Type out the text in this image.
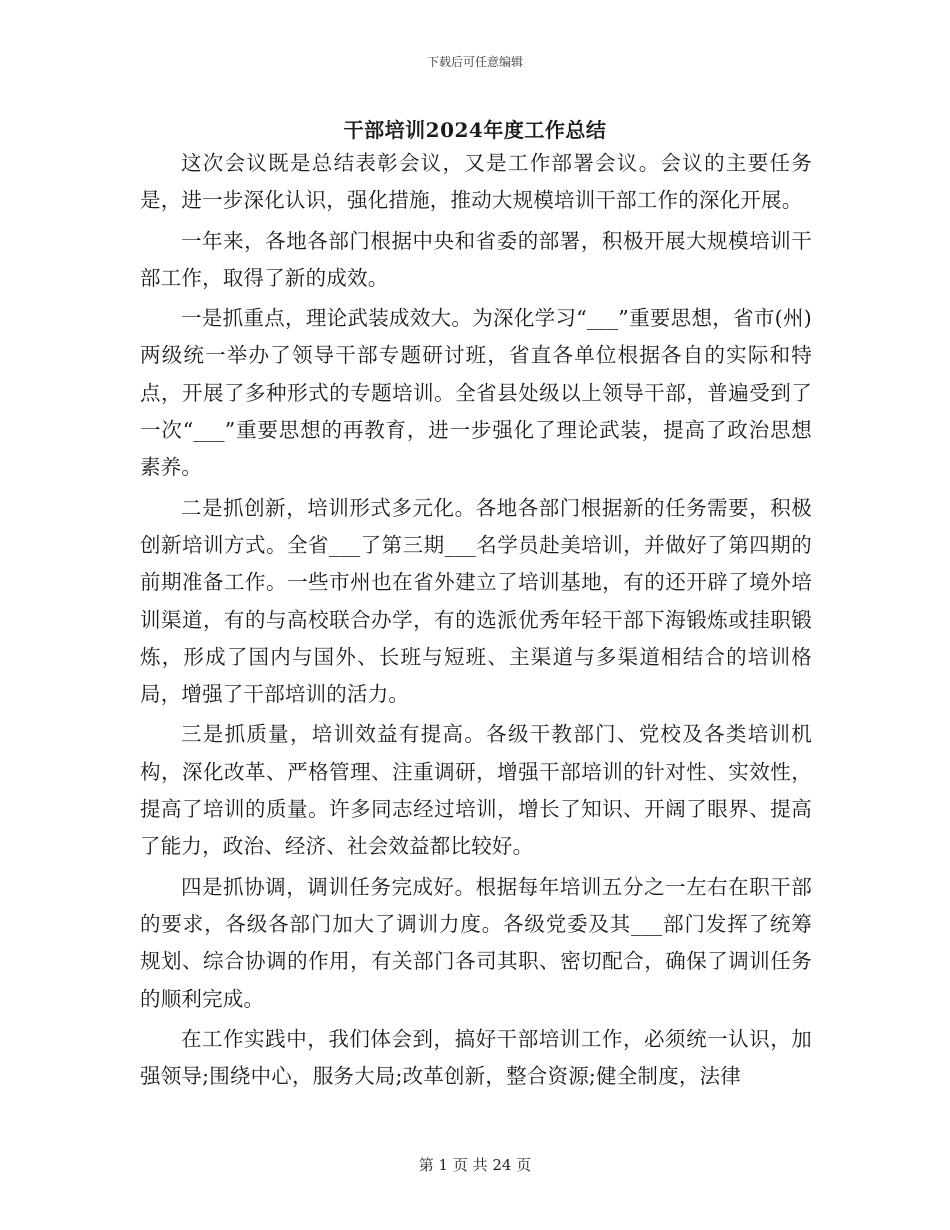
下载后可任意编辑
干部培训2024年度工作总结

这次会议既是总结表彰会议，又是工作部署会议。会议的主要任务是，进一步深化认识，强化措施，推动大规模培训干部工作的深化开展。

一年来，各地各部门根据中央和省委的部署，积极开展大规模培训干部工作，取得了新的成效。

一是抓重点，理论武装成效大。为深化学习“___”重要思想，省市(州)两级统一举办了领导干部专题研讨班，省直各单位根据各自的实际和特点，开展了多种形式的专题培训。全省县处级以上领导干部，普遍受到了一次“___”重要思想的再教育，进一步强化了理论武装，提高了政治思想素养。

二是抓创新，培训形式多元化。各地各部门根据新的任务需要，积极创新培训方式。全省___了第三期___名学员赴美培训，并做好了第四期的前期准备工作。一些市州也在省外建立了培训基地，有的还开辟了境外培训渠道，有的与高校联合办学，有的选派优秀年轻干部下海锻炼或挂职锻炼，形成了国内与国外、长班与短班、主渠道与多渠道相结合的培训格局，增强了干部培训的活力。

三是抓质量，培训效益有提高。各级干教部门、党校及各类培训机构，深化改革、严格管理、注重调研，增强干部培训的针对性、实效性，提高了培训的质量。许多同志经过培训，增长了知识、开阔了眼界、提高了能力，政治、经济、社会效益都比较好。

四是抓协调，调训任务完成好。根据每年培训五分之一左右在职干部的要求，各级各部门加大了调训力度。各级党委及其___部门发挥了统筹规划、综合协调的作用，有关部门各司其职、密切配合，确保了调训任务的顺利完成。

在工作实践中，我们体会到，搞好干部培训工作，必须统一认识，加强领导;围绕中心，服务大局;改革创新，整合资源;健全制度，法律

第 1 页 共 24 页
